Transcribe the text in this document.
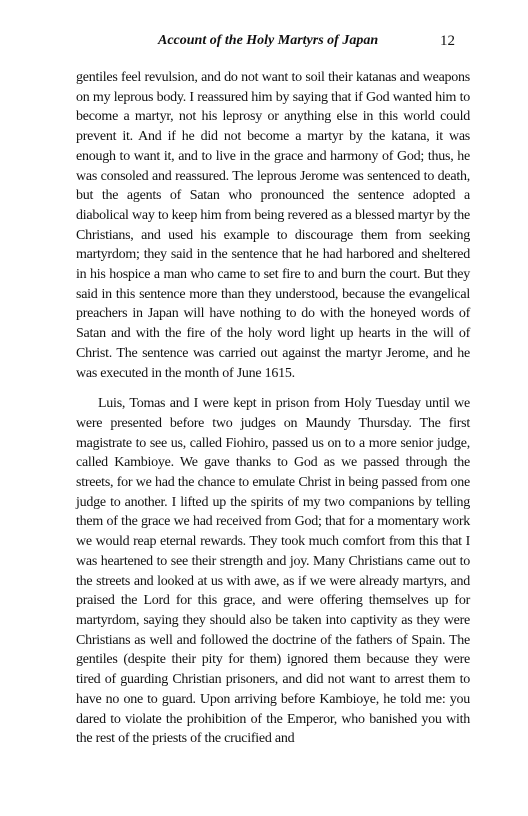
Account of the Holy Martyrs of Japan	12

gentiles feel revulsion, and do not want to soil their katanas and weapons on my leprous body. I reassured him by saying that if God wanted him to become a martyr, not his leprosy or anything else in this world could prevent it. And if he did not become a martyr by the katana, it was enough to want it, and to live in the grace and harmony of God; thus, he was consoled and reassured. The leprous Jerome was sentenced to death, but the agents of Satan who pronounced the sentence adopted a diabolical way to keep him from being revered as a blessed martyr by the Christians, and used his example to discourage them from seeking martyrdom; they said in the sentence that he had harbored and sheltered in his hospice a man who came to set fire to and burn the court. But they said in this sentence more than they understood, because the evangelical preachers in Japan will have nothing to do with the honeyed words of Satan and with the fire of the holy word light up hearts in the will of Christ. The sentence was carried out against the martyr Jerome, and he was executed in the month of June 1615.

Luis, Tomas and I were kept in prison from Holy Tuesday until we were presented before two judges on Maundy Thursday. The first magistrate to see us, called Fiohiro, passed us on to a more senior judge, called Kambioye. We gave thanks to God as we passed through the streets, for we had the chance to emulate Christ in being passed from one judge to another. I lifted up the spirits of my two companions by telling them of the grace we had received from God; that for a momentary work we would reap eternal rewards. They took much comfort from this that I was heartened to see their strength and joy. Many Christians came out to the streets and looked at us with awe, as if we were already martyrs, and praised the Lord for this grace, and were offering themselves up for martyrdom, saying they should also be taken into captivity as they were Christians as well and followed the doctrine of the fathers of Spain. The gentiles (despite their pity for them) ignored them because they were tired of guarding Christian prisoners, and did not want to arrest them to have no one to guard. Upon arriving before Kambioye, he told me: you dared to violate the prohibition of the Emperor, who banished you with the rest of the priests of the crucified and
